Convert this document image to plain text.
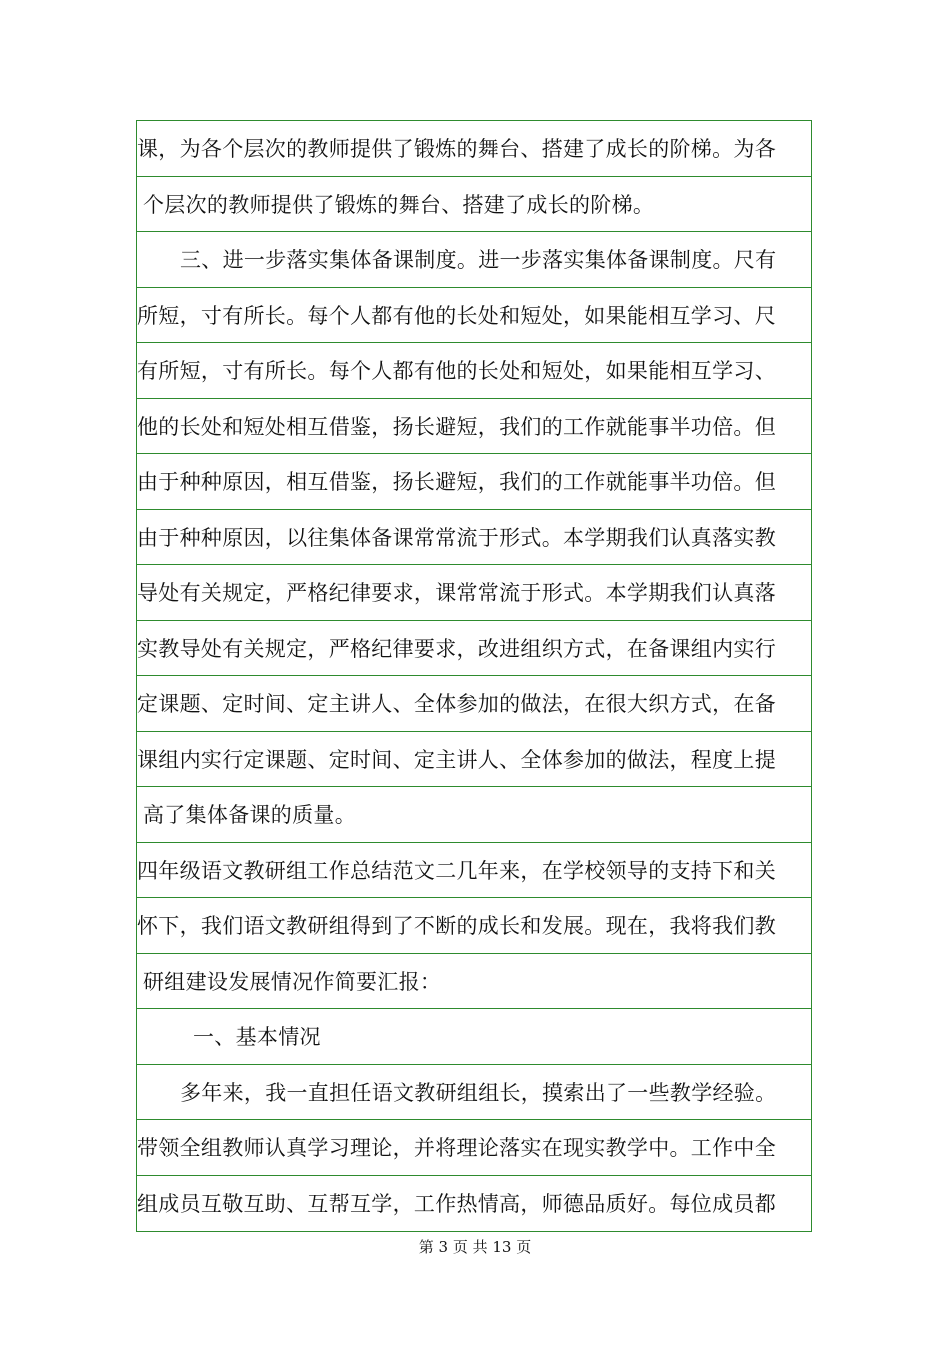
课，为各个层次的教师提供了锻炼的舞台、搭建了成长的阶梯。为各
个层次的教师提供了锻炼的舞台、搭建了成长的阶梯。
三、进一步落实集体备课制度。进一步落实集体备课制度。尺有
所短，寸有所长。每个人都有他的长处和短处，如果能相互学习、尺
有所短，寸有所长。每个人都有他的长处和短处，如果能相互学习、
他的长处和短处相互借鉴，扬长避短，我们的工作就能事半功倍。但
由于种种原因，相互借鉴，扬长避短，我们的工作就能事半功倍。但
由于种种原因，以往集体备课常常流于形式。本学期我们认真落实教
导处有关规定，严格纪律要求，课常常流于形式。本学期我们认真落
实教导处有关规定，严格纪律要求，改进组织方式，在备课组内实行
定课题、定时间、定主讲人、全体参加的做法，在很大织方式，在备
课组内实行定课题、定时间、定主讲人、全体参加的做法，程度上提
高了集体备课的质量。
四年级语文教研组工作总结范文二几年来，在学校领导的支持下和关
怀下，我们语文教研组得到了不断的成长和发展。现在，我将我们教
研组建设发展情况作简要汇报：
一、基本情况
多年来，我一直担任语文教研组组长，摸索出了一些教学经验。
带领全组教师认真学习理论，并将理论落实在现实教学中。工作中全
组成员互敬互助、互帮互学，工作热情高，师德品质好。每位成员都
第 3 页 共 13 页
